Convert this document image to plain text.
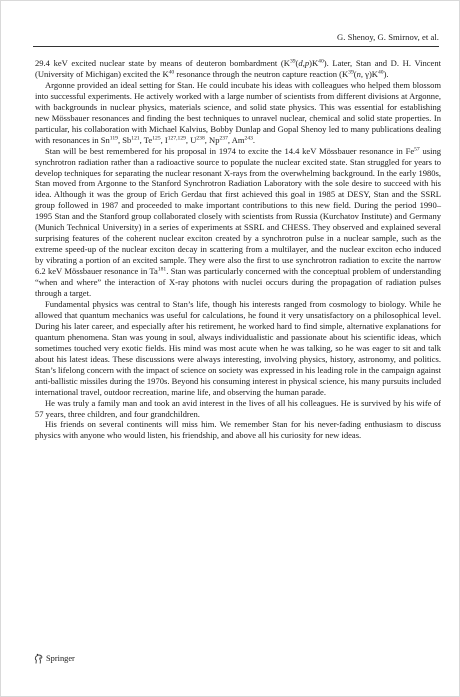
G. Shenoy, G. Smirnov, et al.

29.4 keV excited nuclear state by means of deuteron bombardment $(K^{39}(d,p)K^{40})$. Later, Stan and D. H. Vincent (University of Michigan) excited the $K^{40}$ resonance through the neutron capture reaction ($K^{39}(n$, $\gamma)K^{40}$).

Argonne provided an ideal setting for Stan. He could incubate his ideas with colleagues who helped them blossom into successful experiments. He actively worked with a large number of scientists from different divisions at Argonne, with backgrounds in nuclear physics, materials science, and solid state physics. This was essential for establishing new Mössbauer resonances and finding the best techniques to unravel nuclear, chemical and solid state properties. In particular, his collaboration with Michael Kalvius, Bobby Dunlap and Gopal Shenoy led to many publications dealing with resonances in Sn$^{119}$, Sb$^{121}$, Te$^{125}$, I$^{127,129}$, $U^{238}$, Np$^{237}$, Am$^{243}$.

Stan will be best remembered for his proposal in 1974 to excite the 14.4 keV Mössbauer resonance in Fe$^{57}$ using synchrotron radiation rather than a radioactive source to populate the nuclear excited state. Stan struggled for years to develop techniques for separating the nuclear resonant X-rays from the overwhelming background. In the early 1980s, Stan moved from Argonne to the Stanford Synchrotron Radiation Laboratory with the sole desire to succeed with his idea. Although it was the group of Erich Gerdau that first achieved this goal in 1985 at DESY, Stan and the SSRL group followed in 1987 and proceeded to make important contributions to this new field. During the period 1990–1995 Stan and the Stanford group collaborated closely with scientists from Russia (Kurchatov Institute) and Germany (Munich Technical University) in a series of experiments at SSRL and CHESS. They observed and explained several surprising features of the coherent nuclear exciton created by a synchrotron pulse in a nuclear sample, such as the extreme speed-up of the nuclear exciton decay in scattering from a multilayer, and the nuclear exciton echo induced by vibrating a portion of an excited sample. They were also the first to use synchrotron radiation to excite the narrow 6.2 keV Mössbauer resonance in Ta$^{181}$. Stan was particularly concerned with the conceptual problem of understanding “when and where” the interaction of X-ray photons with nuclei occurs during the propagation of radiation pulses through a target.

Fundamental physics was central to Stan’s life, though his interests ranged from cosmology to biology. While he allowed that quantum mechanics was useful for calculations, he found it very unsatisfactory on a philosophical level. During his later career, and especially after his retirement, he worked hard to find simple, alternative explanations for quantum phenomena. Stan was young in soul, always individualistic and passionate about his scientific ideas, which sometimes touched very exotic fields. His mind was most acute when he was talking, so he was eager to sit and talk about his latest ideas. These discussions were always interesting, involving physics, history, astronomy, and politics. Stan’s lifelong concern with the impact of science on society was expressed in his leading role in the campaign against anti-ballistic missiles during the 1970s. Beyond his consuming interest in physical science, his many pursuits included international travel, outdoor recreation, marine life, and observing the human parade.

He was truly a family man and took an avid interest in the lives of all his colleagues. He is survived by his wife of 57 years, three children, and four grandchildren.

His friends on several continents will miss him. We remember Stan for his never-fading enthusiasm to discuss physics with anyone who would listen, his friendship, and above all his curiosity for new ideas.

Springer
